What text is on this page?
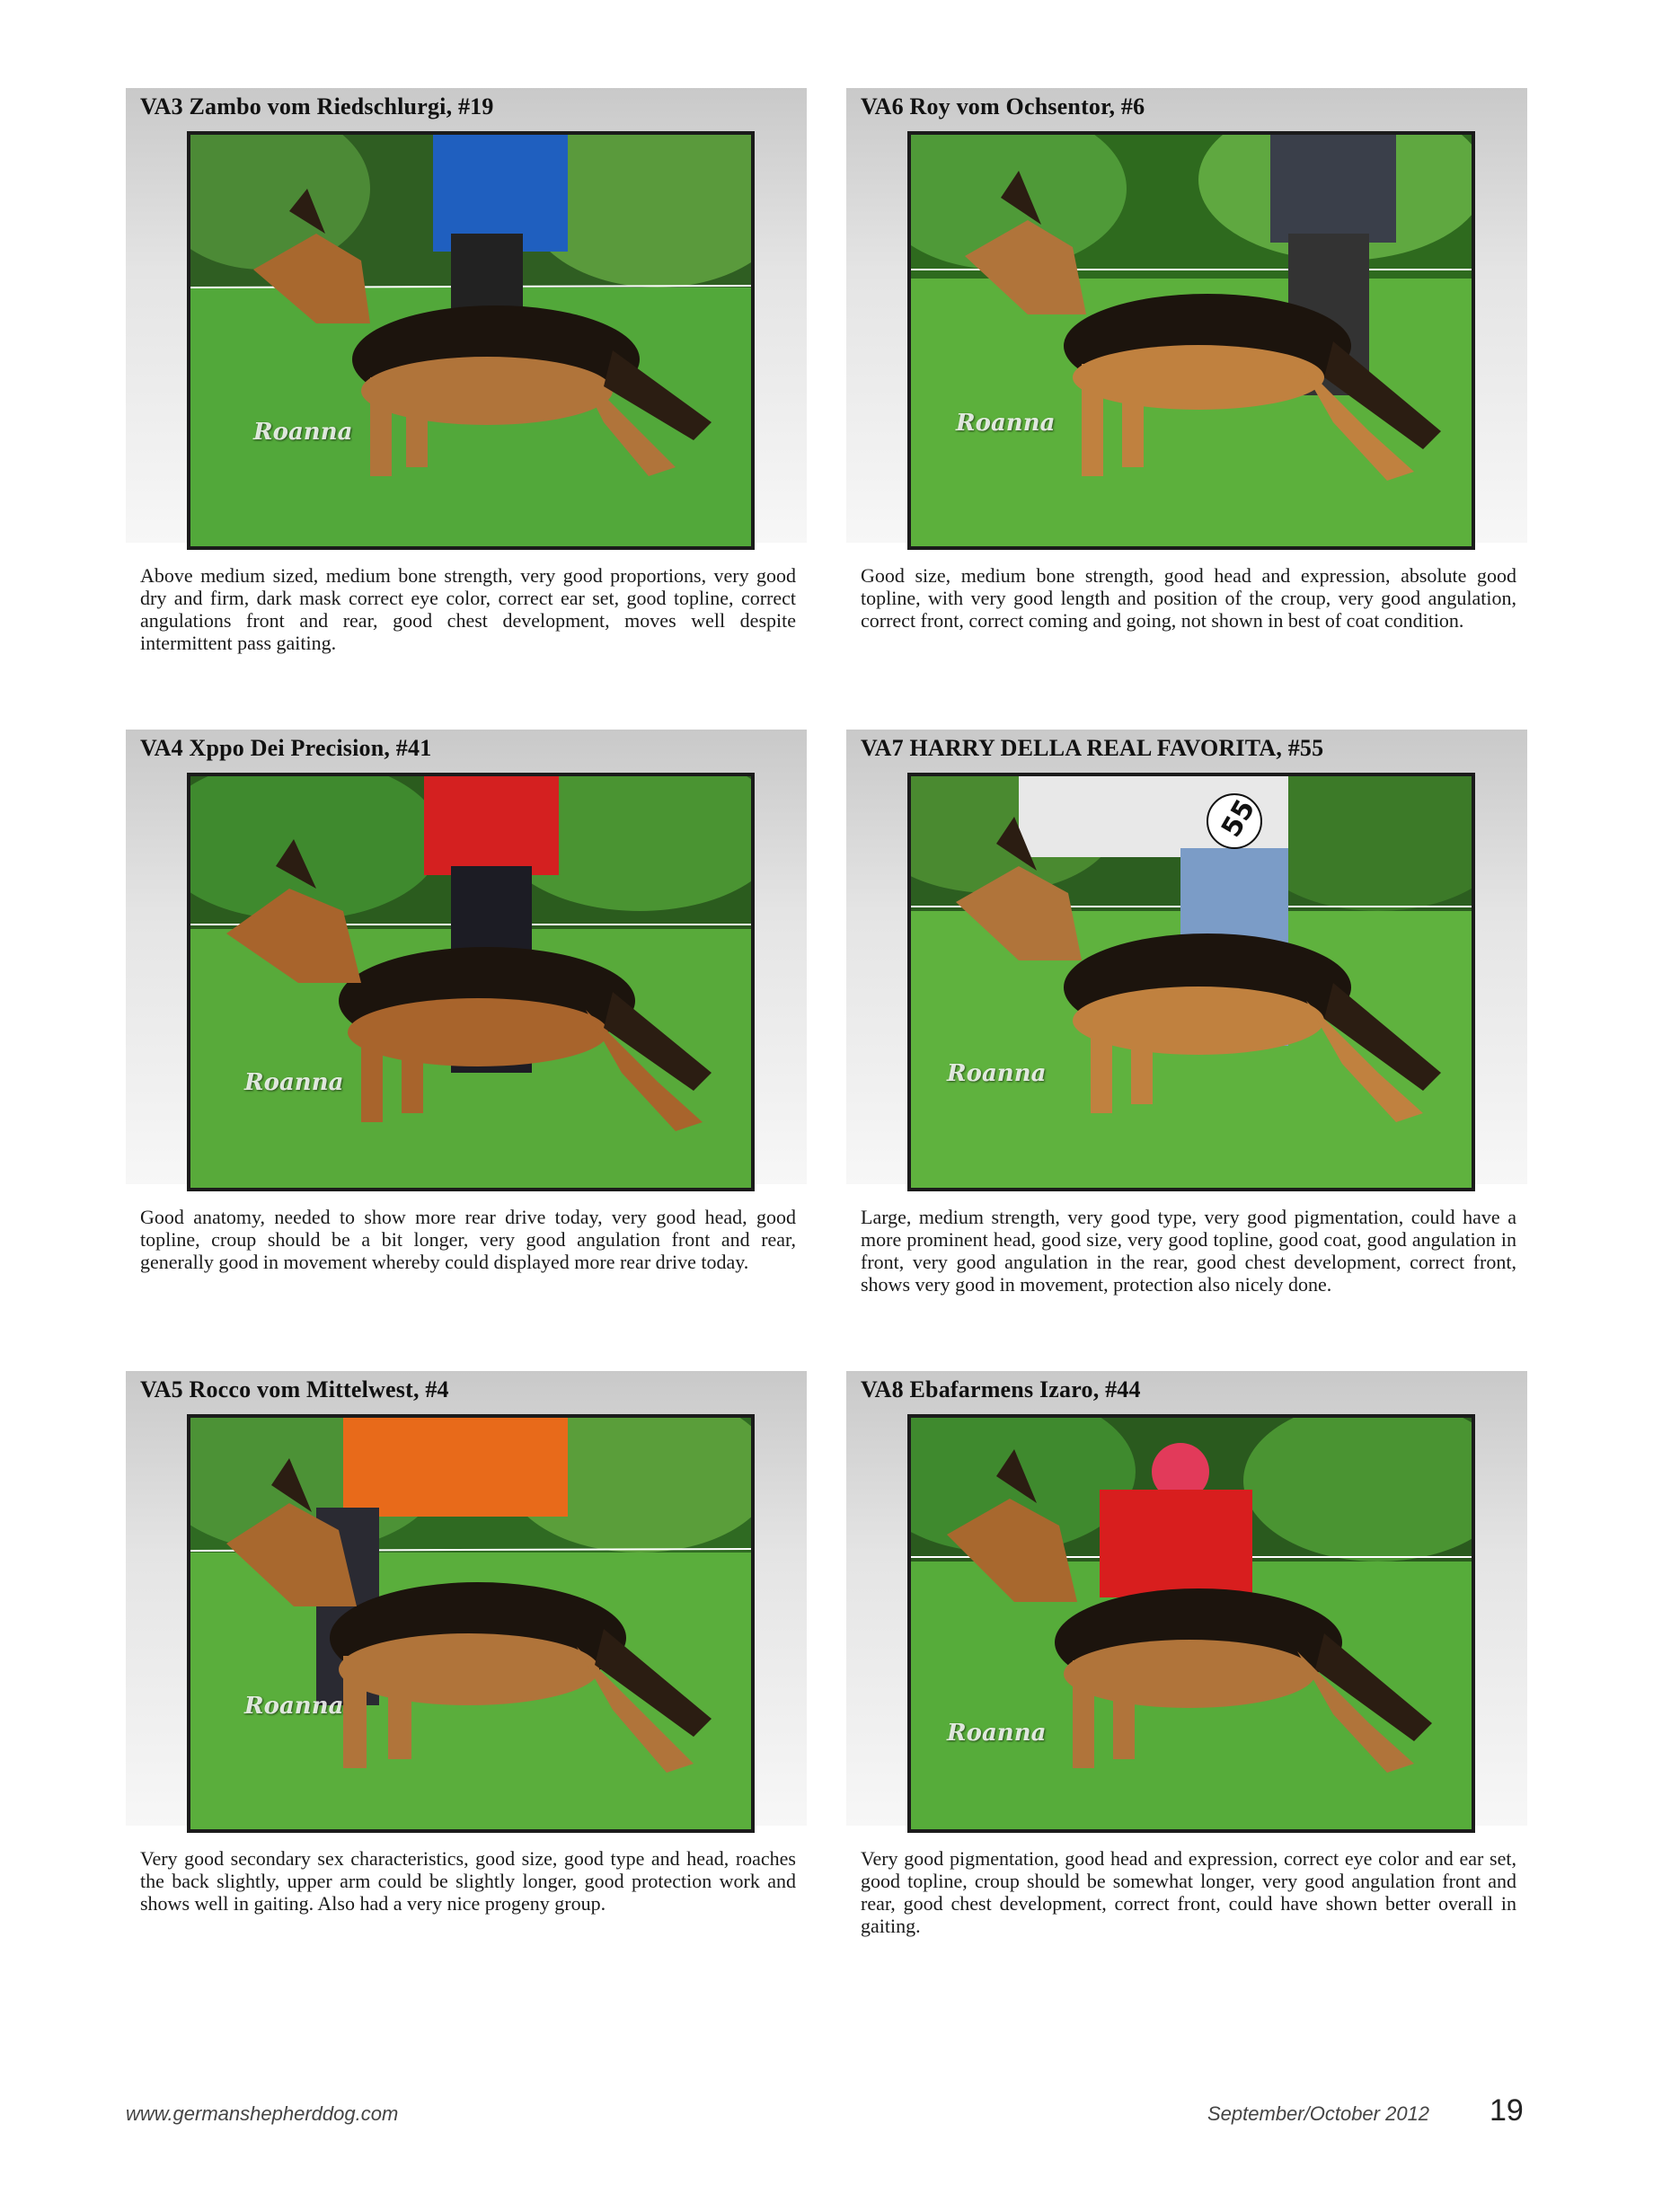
VA3 Zambo vom Riedschlurgi, #19
Roanna
Above medium sized, medium bone strength, very good proportions, very good dry and firm, dark mask correct eye color, correct ear set, good topline, correct angulations front and rear, good chest development, moves well despite intermittent pass gaiting.
VA6 Roy vom Ochsentor, #6
Roanna
Good size, medium bone strength, good head and expression, absolute good topline, with very good length and position of the croup, very good angulation, correct front, correct coming and going, not shown in best of coat condition.
VA4 Xppo Dei Precision, #41
Roanna
Good anatomy, needed to show more rear drive today, very good head, good topline, croup should be a bit longer, very good angulation front and rear, generally good in movement whereby could displayed more rear drive today.
VA7 HARRY DELLA REAL FAVORITA, #55
55
Roanna
Large, medium strength, very good type, very good pigmentation, could have a more prominent head, good size, very good topline, good coat, good angulation in front, very good angulation in the rear, good chest development, correct front, shows very good in movement, protection also nicely done.
VA5 Rocco vom Mittelwest, #4
Roanna
Very good secondary sex characteristics, good size, good type and head, roaches the back slightly, upper arm could be slightly longer, good protection work and shows well in gaiting. Also had a very nice progeny group.
VA8 Ebafarmens Izaro, #44
Roanna
Very good pigmentation, good head and expression, correct eye color and ear set, good topline, croup should be somewhat longer, very good angulation front and rear, good chest development, correct front, could have shown better overall in gaiting.
www.germanshepherddog.com	September/October 2012 19
